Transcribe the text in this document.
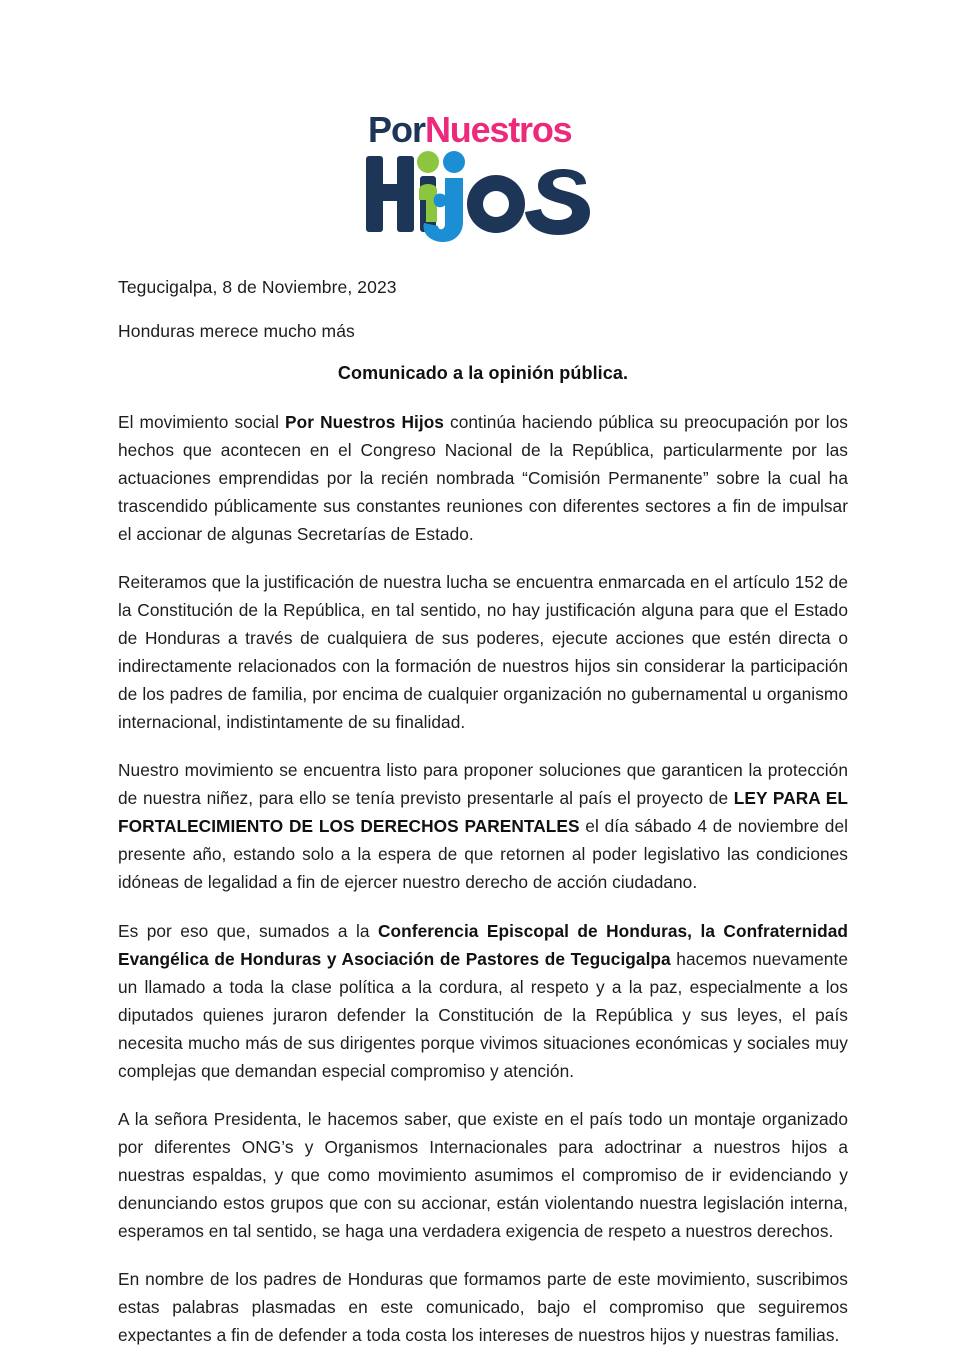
Por Nuestros

Tegucigalpa, 8 de Noviembre, 2023

Honduras merece mucho más

Comunicado a la opinión pública.

El movimiento social Por Nuestros Hijos continúa haciendo pública su preocupación por los hechos que acontecen en el Congreso Nacional de la República, particularmente por las actuaciones emprendidas por la recién nombrada “Comisión Permanente” sobre la cual ha trascendido públicamente sus constantes reuniones con diferentes sectores a fin de impulsar el accionar de algunas Secretarías de Estado.

Reiteramos que la justificación de nuestra lucha se encuentra enmarcada en el artículo 152 de la Constitución de la República, en tal sentido, no hay justificación alguna para que el Estado de Honduras a través de cualquiera de sus poderes, ejecute acciones que estén directa o indirectamente relacionados con la formación de nuestros hijos sin considerar la participación de los padres de familia, por encima de cualquier organización no gubernamental u organismo internacional, indistintamente de su finalidad.

Nuestro movimiento se encuentra listo para proponer soluciones que garanticen la protección de nuestra niñez, para ello se tenía previsto presentarle al país el proyecto de LEY PARA EL FORTALECIMIENTO DE LOS DERECHOS PARENTALES el día sábado 4 de noviembre del presente año, estando solo a la espera de que retornen al poder legislativo las condiciones idóneas de legalidad a fin de ejercer nuestro derecho de acción ciudadano.

Es por eso que, sumados a la Conferencia Episcopal de Honduras, la Confraternidad Evangélica de Honduras y Asociación de Pastores de Tegucigalpa hacemos nuevamente un llamado a toda la clase política a la cordura, al respeto y a la paz, especialmente a los diputados quienes juraron defender la Constitución de la República y sus leyes, el país necesita mucho más de sus dirigentes porque vivimos situaciones económicas y sociales muy complejas que demandan especial compromiso y atención.

A la señora Presidenta, le hacemos saber, que existe en el país todo un montaje organizado por diferentes ONG’s y Organismos Internacionales para adoctrinar a nuestros hijos a nuestras espaldas, y que como movimiento asumimos el compromiso de ir evidenciando y denunciando estos grupos que con su accionar, están violentando nuestra legislación interna, esperamos en tal sentido, se haga una verdadera exigencia de respeto a nuestros derechos.

En nombre de los padres de Honduras que formamos parte de este movimiento, suscribimos estas palabras plasmadas en este comunicado, bajo el compromiso que seguiremos expectantes a fin de defender a toda costa los intereses de nuestros hijos y nuestras familias.
